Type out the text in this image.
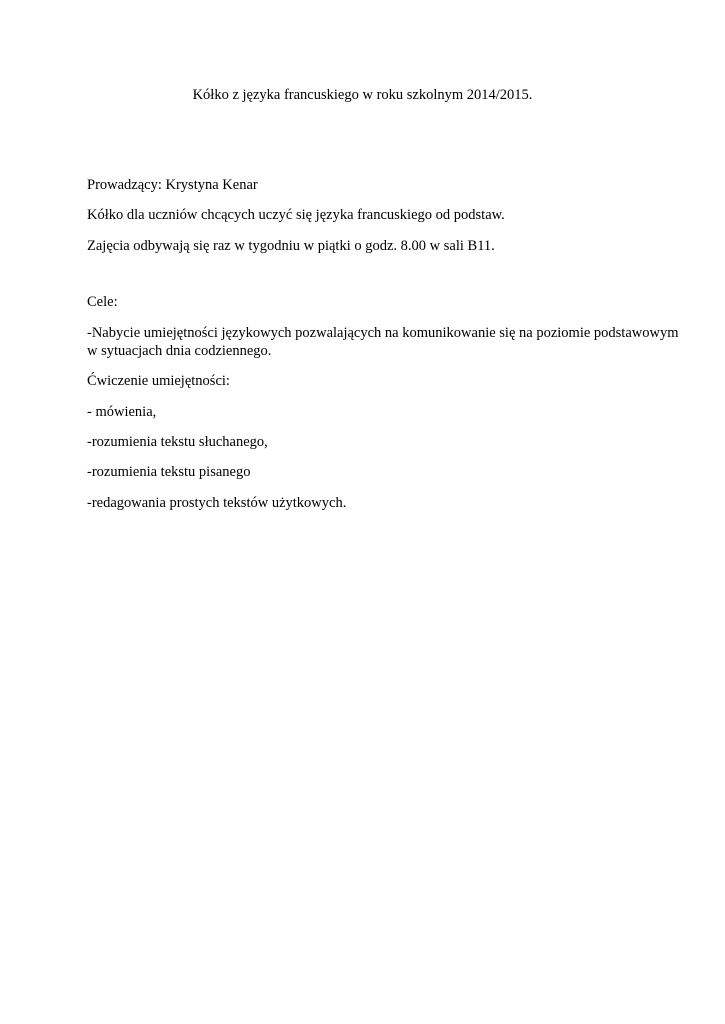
Kółko z języka francuskiego w roku szkolnym 2014/2015.
Prowadzący: Krystyna Kenar
Kółko dla uczniów chcących uczyć się języka francuskiego od podstaw.
Zajęcia odbywają się raz w tygodniu w piątki o godz. 8.00 w sali B11.
Cele:
-Nabycie umiejętności językowych pozwalających na komunikowanie się na poziomie podstawowym
w sytuacjach dnia codziennego.
Ćwiczenie umiejętności:
- mówienia,
-rozumienia tekstu słuchanego,
-rozumienia tekstu pisanego
-redagowania prostych tekstów użytkowych.
